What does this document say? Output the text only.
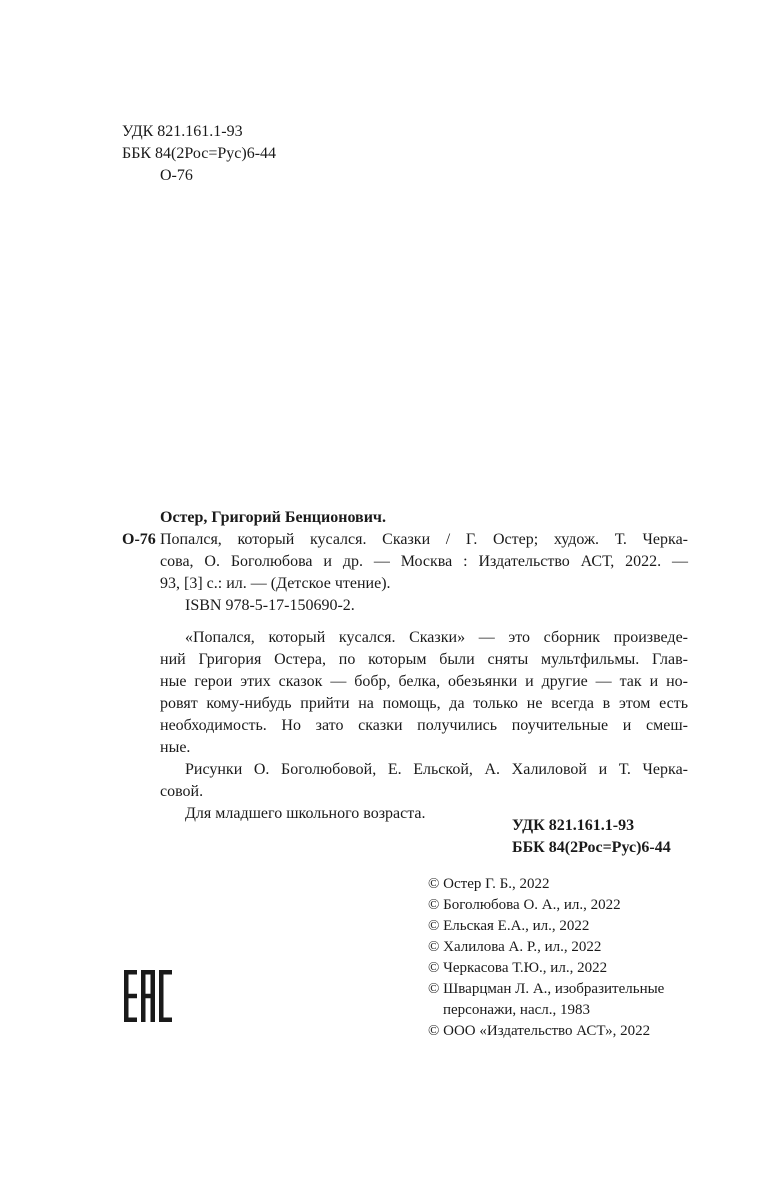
УДК 821.161.1-93
ББК 84(2Рос=Рус)6-44
О-76
Остер, Григорий Бенционович.
О-76 Попался, который кусался. Сказки / Г. Остер; худож. Т. Черка-
сова, О. Боголюбова и др. — Москва : Издательство АСТ, 2022. —
93, [3] с.: ил. — (Детское чтение).
ISBN 978-5-17-150690-2.
«Попался, который кусался. Сказки» — это сборник произведе-
ний Григория Остера, по которым были сняты мультфильмы. Глав-
ные герои этих сказок — бобр, белка, обезьянки и другие — так и но-
ровят кому-нибудь прийти на помощь, да только не всегда в этом есть
необходимость. Но зато сказки получились поучительные и смеш-
ные.
Рисунки О. Боголюбовой, Е. Ельской, А. Халиловой и Т. Черка-
совой.
Для младшего школьного возраста.
УДК 821.161.1-93
ББК 84(2Рос=Рус)6-44
© Остер Г. Б., 2022
© Боголюбова О. А., ил., 2022
© Ельская Е.А., ил., 2022
© Халилова А. Р., ил., 2022
© Черкасова Т.Ю., ил., 2022
© Шварцман Л. А., изобразительные
персонажи, насл., 1983
© ООО «Издательство АСТ», 2022
